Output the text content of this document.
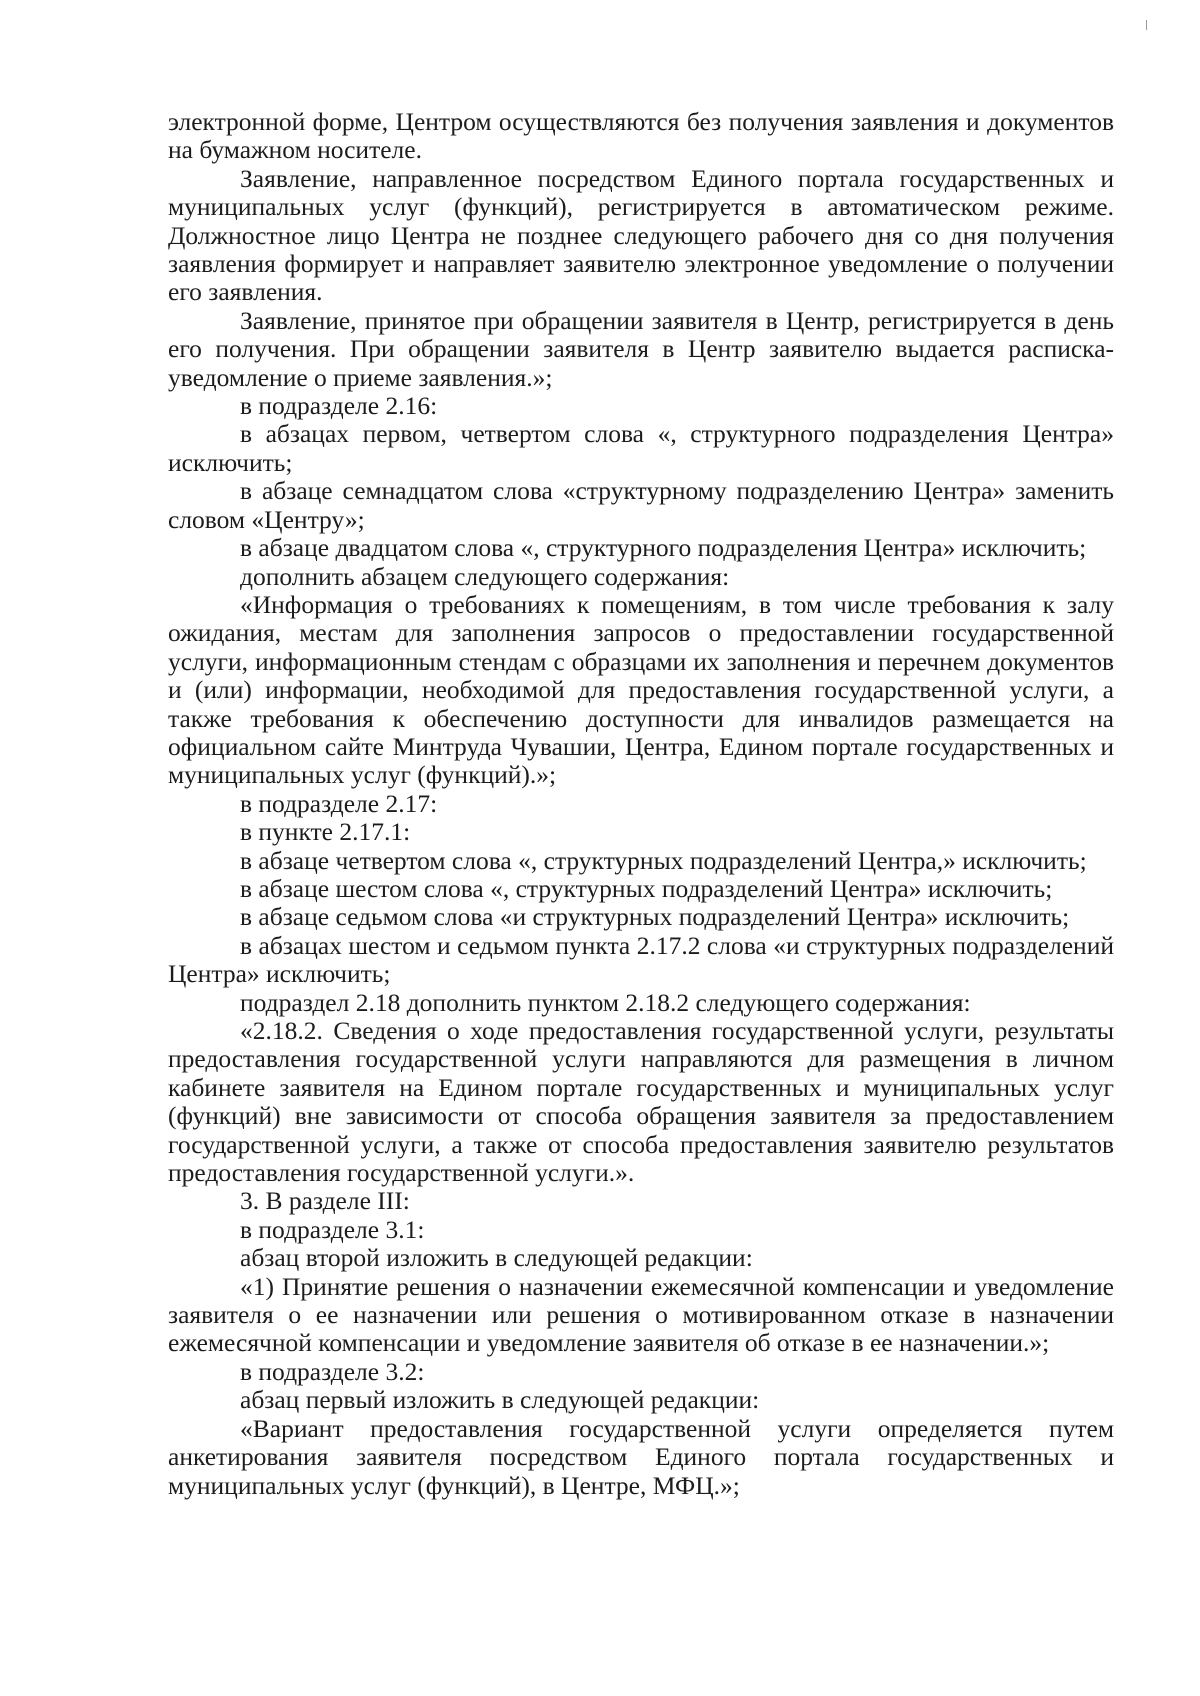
электронной форме, Центром осуществляются без получения заявления и документов на бумажном носителе.

Заявление, направленное посредством Единого портала государственных и муниципальных услуг (функций), регистрируется в автоматическом режиме. Должностное лицо Центра не позднее следующего рабочего дня со дня получения заявления формирует и направляет заявителю электронное уведомление о получении его заявления.

Заявление, принятое при обращении заявителя в Центр, регистрируется в день его получения. При обращении заявителя в Центр заявителю выдается расписка-уведомление о приеме заявления.»;

в подразделе 2.16:

в абзацах первом, четвертом слова «, структурного подразделения Центра» исключить;

в абзаце семнадцатом слова «структурному подразделению Центра» заменить словом «Центру»;

в абзаце двадцатом слова «, структурного подразделения Центра» исключить;

дополнить абзацем следующего содержания:

«Информация о требованиях к помещениям, в том числе требования к залу ожидания, местам для заполнения запросов о предоставлении государственной услуги, информационным стендам с образцами их заполнения и перечнем документов и (или) информации, необходимой для предоставления государственной услуги, а также требования к обеспечению доступности для инвалидов размещается на официальном сайте Минтруда Чувашии, Центра, Едином портале государственных и муниципальных услуг (функций).»;

в подразделе 2.17:

в пункте 2.17.1:

в абзаце четвертом слова «, структурных подразделений Центра,» исключить;

в абзаце шестом слова «, структурных подразделений Центра» исключить;

в абзаце седьмом слова «и структурных подразделений Центра» исключить;

в абзацах шестом и седьмом пункта 2.17.2 слова «и структурных подразделений Центра» исключить;

подраздел 2.18 дополнить пунктом 2.18.2 следующего содержания:

«2.18.2. Сведения о ходе предоставления государственной услуги, результаты предоставления государственной услуги направляются для размещения в личном кабинете заявителя на Едином портале государственных и муниципальных услуг (функций) вне зависимости от способа обращения заявителя за предоставлением государственной услуги, а также от способа предоставления заявителю результатов предоставления государственной услуги.».

3. В разделе III:

в подразделе 3.1:

абзац второй изложить в следующей редакции:

«1) Принятие решения о назначении ежемесячной компенсации и уведомление заявителя о ее назначении или решения о мотивированном отказе в назначении ежемесячной компенсации и уведомление заявителя об отказе в ее назначении.»;

в подразделе 3.2:

абзац первый изложить в следующей редакции:

«Вариант предоставления государственной услуги определяется путем анкетирования заявителя посредством Единого портала государственных и муниципальных услуг (функций), в Центре, МФЦ.»;
